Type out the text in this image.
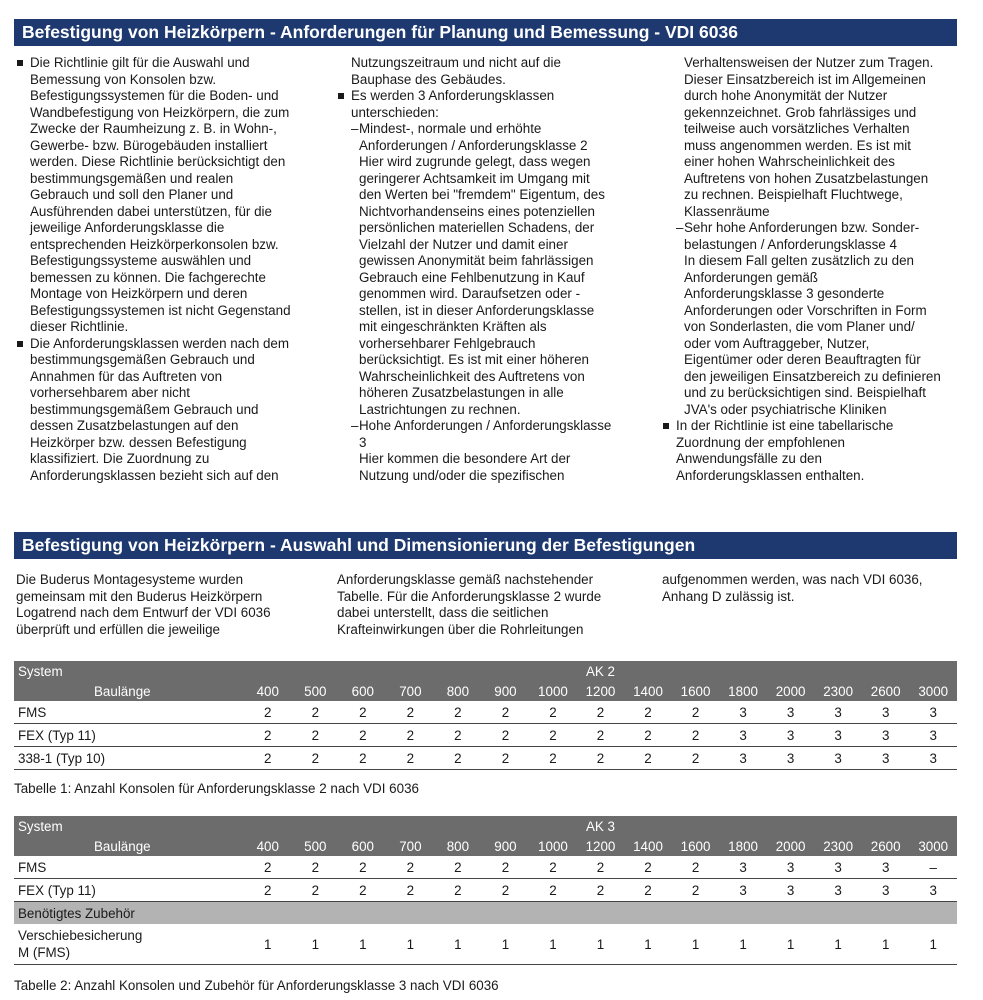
Befestigung von Heizkörpern - Anforderungen für Planung und Bemessung - VDI 6036
Die Richtlinie gilt für die Auswahl und
Bemessung von Konsolen bzw.
Befestigungssystemen für die Boden- und
Wandbefestigung von Heizkörpern, die zum
Zwecke der Raumheizung z. B. in Wohn-,
Gewerbe- bzw. Bürogebäuden installiert
werden. Diese Richtlinie berücksichtigt den
bestimmungsgemäßen und realen
Gebrauch und soll den Planer und
Ausführenden dabei unterstützen, für die
jeweilige Anforderungsklasse die
entsprechenden Heizkörperkonsolen bzw.
Befestigungssysteme auswählen und
bemessen zu können. Die fachgerechte
Montage von Heizkörpern und deren
Befestigungssystemen ist nicht Gegenstand
dieser Richtlinie.
Die Anforderungsklassen werden nach dem
bestimmungsgemäßen Gebrauch und
Annahmen für das Auftreten von
vorhersehbarem aber nicht
bestimmungsgemäßem Gebrauch und
dessen Zusatzbelastungen auf den
Heizkörper bzw. dessen Befestigung
klassifiziert. Die Zuordnung zu
Anforderungsklassen bezieht sich auf den
Nutzungszeitraum und nicht auf die
Bauphase des Gebäudes.
Es werden 3 Anforderungsklassen
unterschieden:
– Mindest-, normale und erhöhte
Anforderungen / Anforderungsklasse 2
Hier wird zugrunde gelegt, dass wegen
geringerer Achtsamkeit im Umgang mit
den Werten bei "fremdem" Eigentum, des
Nichtvorhandenseins eines potenziellen
persönlichen materiellen Schadens, der
Vielzahl der Nutzer und damit einer
gewissen Anonymität beim fahrlässigen
Gebrauch eine Fehlbenutzung in Kauf
genommen wird. Daraufsetzen oder -
stellen, ist in dieser Anforderungsklasse
mit eingeschränkten Kräften als
vorhersehbarer Fehlgebrauch
berücksichtigt. Es ist mit einer höheren
Wahrscheinlichkeit des Auftretens von
höheren Zusatzbelastungen in alle
Lastrichtungen zu rechnen.
– Hohe Anforderungen / Anforderungsklasse
3
Hier kommen die besondere Art der
Nutzung und/oder die spezifischen
Verhaltensweisen der Nutzer zum Tragen.
Dieser Einsatzbereich ist im Allgemeinen
durch hohe Anonymität der Nutzer
gekennzeichnet. Grob fahrlässiges und
teilweise auch vorsätzliches Verhalten
muss angenommen werden. Es ist mit
einer hohen Wahrscheinlichkeit des
Auftretens von hohen Zusatzbelastungen
zu rechnen. Beispielhaft Fluchtwege,
Klassenräume
– Sehr hohe Anforderungen bzw. Sonder-
belastungen / Anforderungsklasse 4
In diesem Fall gelten zusätzlich zu den
Anforderungen gemäß
Anforderungsklasse 3 gesonderte
Anforderungen oder Vorschriften in Form
von Sonderlasten, die vom Planer und/
oder vom Auftraggeber, Nutzer,
Eigentümer oder deren Beauftragten für
den jeweiligen Einsatzbereich zu definieren
und zu berücksichtigen sind. Beispielhaft
JVA's oder psychiatrische Kliniken
In der Richtlinie ist eine tabellarische
Zuordnung der empfohlenen
Anwendungsfälle zu den
Anforderungsklassen enthalten.
Befestigung von Heizkörpern - Auswahl und Dimensionierung der Befestigungen
Die Buderus Montagesysteme wurden
gemeinsam mit den Buderus Heizkörpern
Logatrend nach dem Entwurf der VDI 6036
überprüft und erfüllen die jeweilige
Anforderungsklasse gemäß nachstehender
Tabelle. Für die Anforderungsklasse 2 wurde
dabei unterstellt, dass die seitlichen
Krafteinwirkungen über die Rohrleitungen
aufgenommen werden, was nach VDI 6036,
Anhang D zulässig ist.
System								AK 2							
Baulänge	400	500	600	700	800	900	1000	1200	1400	1600	1800	2000	2300	2600	3000
FMS	2	2	2	2	2	2	2	2	2	2	3	3	3	3	3
FEX (Typ 11)	2	2	2	2	2	2	2	2	2	2	3	3	3	3	3
338-1 (Typ 10)	2	2	2	2	2	2	2	2	2	2	3	3	3	3	3
Tabelle 1: Anzahl Konsolen für Anforderungsklasse 2 nach VDI 6036
System								AK 3							
Baulänge	400	500	600	700	800	900	1000	1200	1400	1600	1800	2000	2300	2600	3000
FMS	2	2	2	2	2	2	2	2	2	2	3	3	3	3	–
FEX (Typ 11)	2	2	2	2	2	2	2	2	2	2	3	3	3	3	3
Benötigtes Zubehör															

Verschiebesicherung
M (FMS)	1	1	1	1	1	1	1	1	1	1	1	1	1	1	1
Tabelle 2: Anzahl Konsolen und Zubehör für Anforderungsklasse 3 nach VDI 6036
